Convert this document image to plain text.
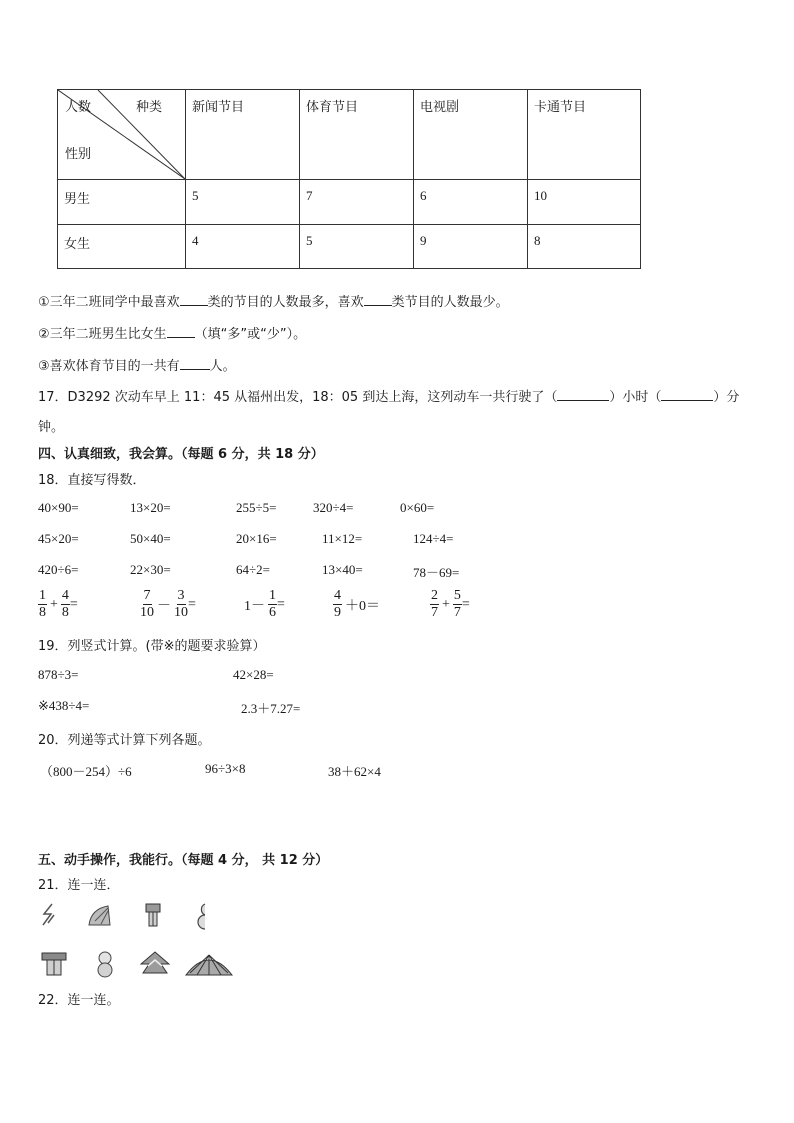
人数 种类
性别	新闻节目	体育节目	电视剧	卡通节目
男生	5	7	6	10
女生	4	5	9	8
①三年二班同学中最喜欢 类的节目的人数最多，喜欢 类节目的人数最少。
②三年二班男生比女生 （填“多”或“少”）。
③喜欢体育节目的一共有 人。
17．D3292 次动车早上 11：45 从福州出发，18：05 到达上海，这列动车一共行驶了（	）小时（	）分
钟。
四、认真细致，我会算。（每题 6 分，共 18 分）
18．直接写得数．
40×90=	13×20=	255÷5=	320÷4=	0×60=
45×20=	50×40=	20×16=	11×12=	124÷4=
420÷6=	22×30=	64÷2=	13×40=	78－69=
$\frac{1}{8} + \frac{4}{8}$ =	$\frac{7}{10} - \frac{3}{10}$ =	$1- \frac{1}{6}$ =	$\frac{4}{9} +0=$	$\frac{2}{7} + \frac{5}{7}$ =
19．列竖式计算。(带※的题要求验算）
878÷3=	42×28=
※438÷4=	2.3＋7.27=
20．列递等式计算下列各题。
（800－254）÷6	96÷3×8	38＋62×4
五、动手操作，我能行。（每题 4 分， 共 12 分）
21．连一连．
22．连一连。
